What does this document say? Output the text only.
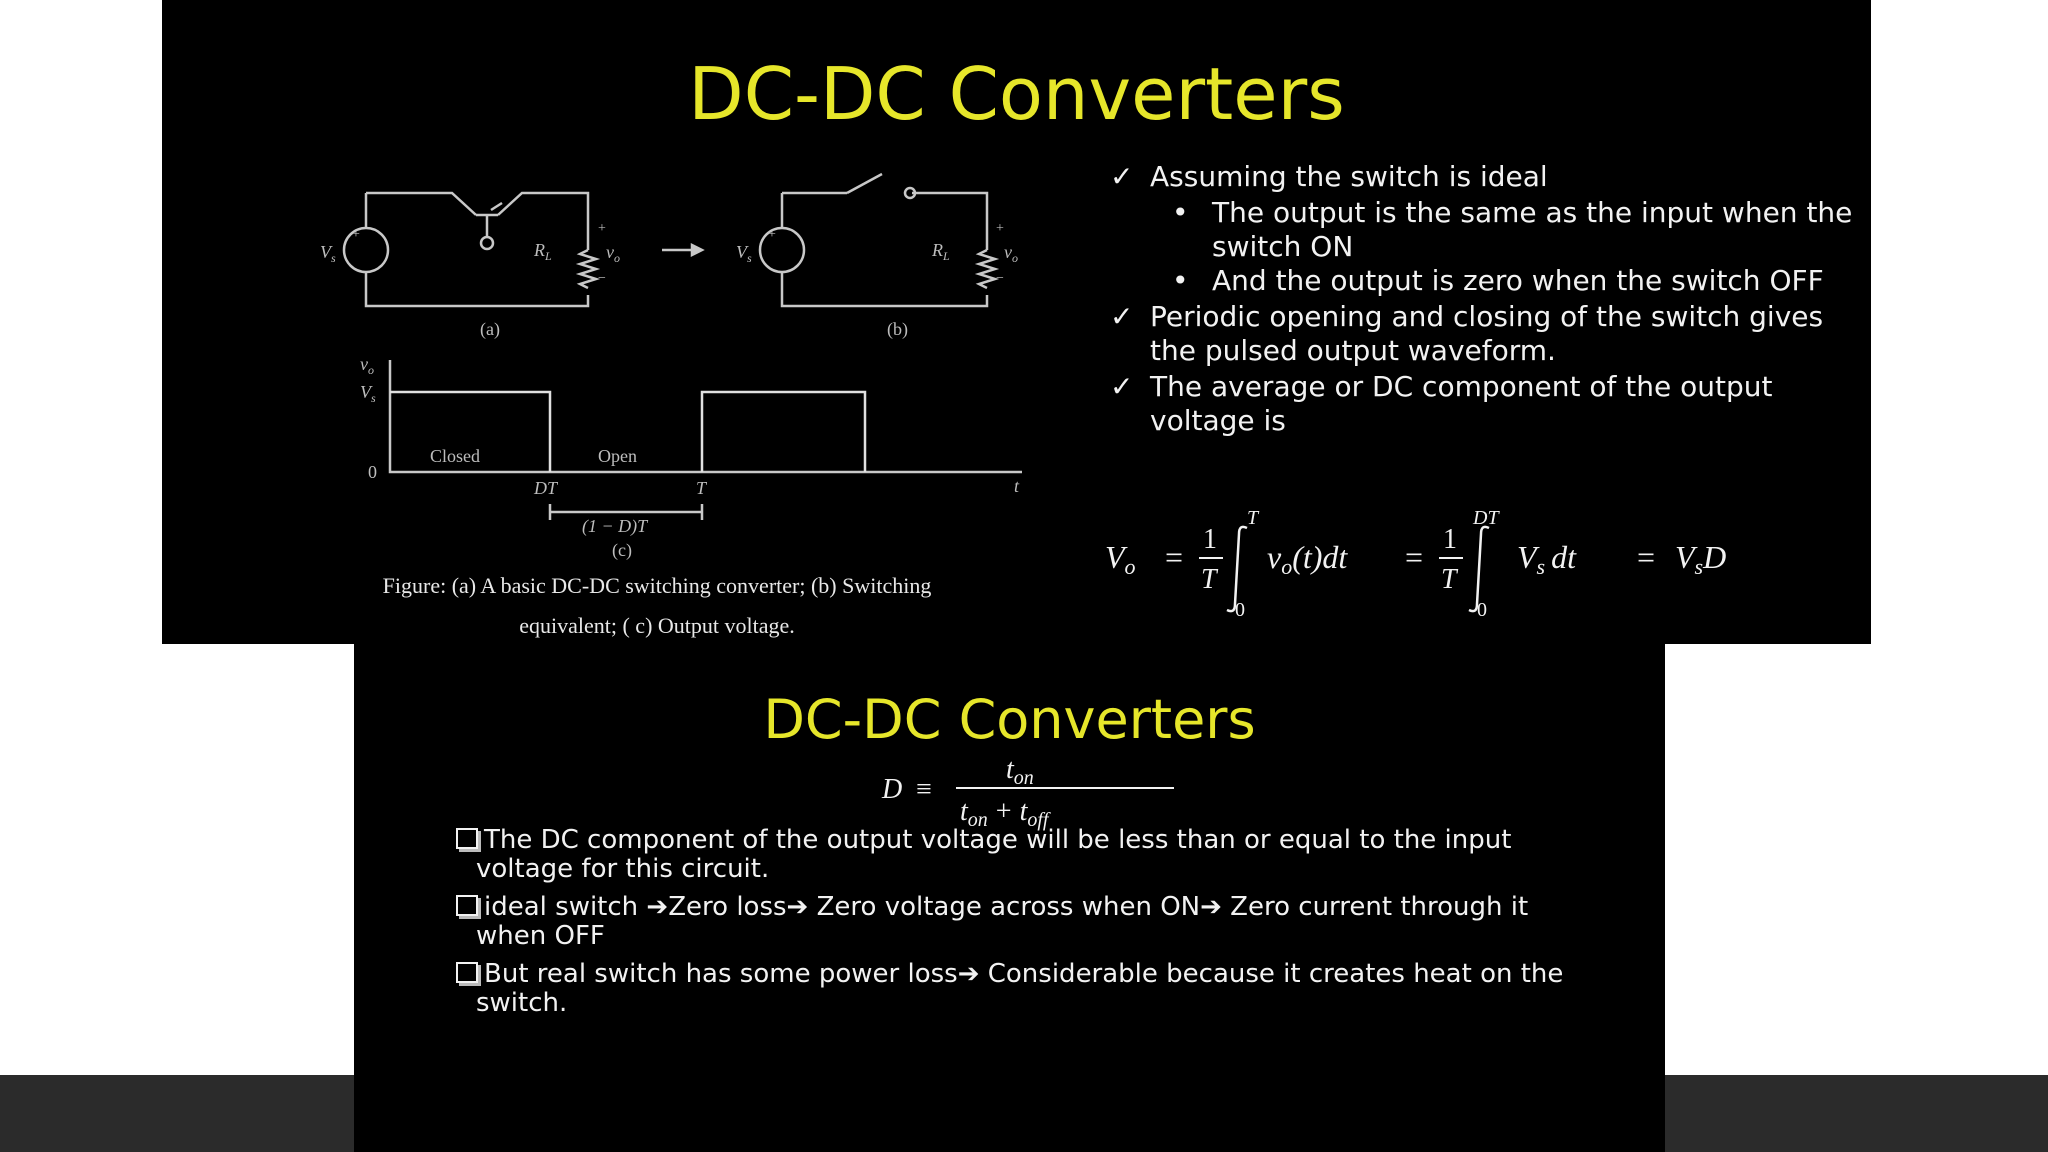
DC-DC Converters
$V_s$	$R_L$	$v_o$
(a)
$V_s$	$R_L$	$v_o$
(b)
+	+
−
+	+
−
$v_o$
$V_s$
0
Closed	Open
DT	T	t
(1 − D)T
(c)
Figure: (a) A basic DC-DC switching converter; (b) Switching
equivalent; ( c) Output voltage.
✓ Assuming the switch is ideal
• The output is the same as the input when the switch ON
• And the output is zero when the switch OFF
✓ Periodic opening and closing of the switch gives the pulsed output waveform.
✓ The average or DC component of the output voltage is
Vo = 1
T
T
0
vo(t)dt = 1
T
DT
0
Vs dt = VsD
DC-DC Converters
D ≡
$t_{on}$
$t_{on} + t_{off}$
The DC component of the output voltage will be less than or equal to the input voltage for this circuit.
ideal switch ➔Zero loss➔ Zero voltage across when ON➔ Zero current through it when OFF
But real switch has some power loss➔ Considerable because it creates heat on the switch.
